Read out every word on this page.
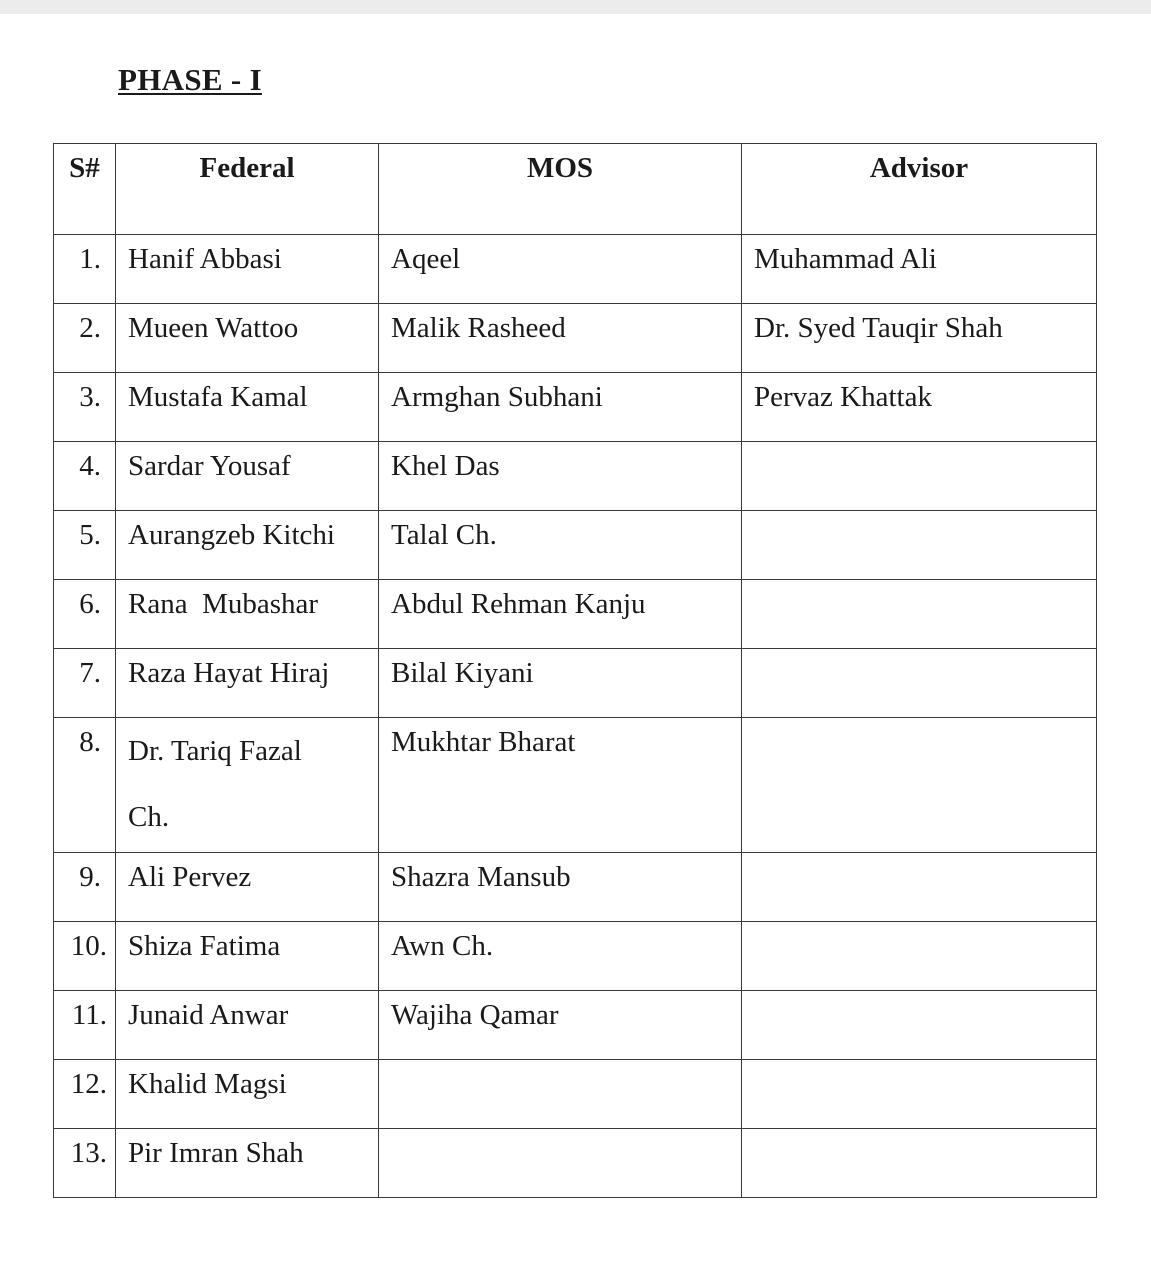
PHASE - I
S#	Federal	MOS	Advisor
1.	Hanif Abbasi	Aqeel	Muhammad Ali
2.	Mueen Wattoo	Malik Rasheed	Dr. Syed Tauqir Shah
3.	Mustafa Kamal	Armghan Subhani	Pervaz Khattak
4.	Sardar Yousaf	Khel Das	
5.	Aurangzeb Kitchi	Talal Ch.	
6.	Rana  Mubashar	Abdul Rehman Kanju	
7.	Raza Hayat Hiraj	Bilal Kiyani	
8.	Dr. Tariq Fazal Ch.	Mukhtar Bharat	
9.	Ali Pervez	Shazra Mansub	
10.	Shiza Fatima	Awn Ch.	
11.	Junaid Anwar	Wajiha Qamar	
12.	Khalid Magsi		
13.	Pir Imran Shah		
